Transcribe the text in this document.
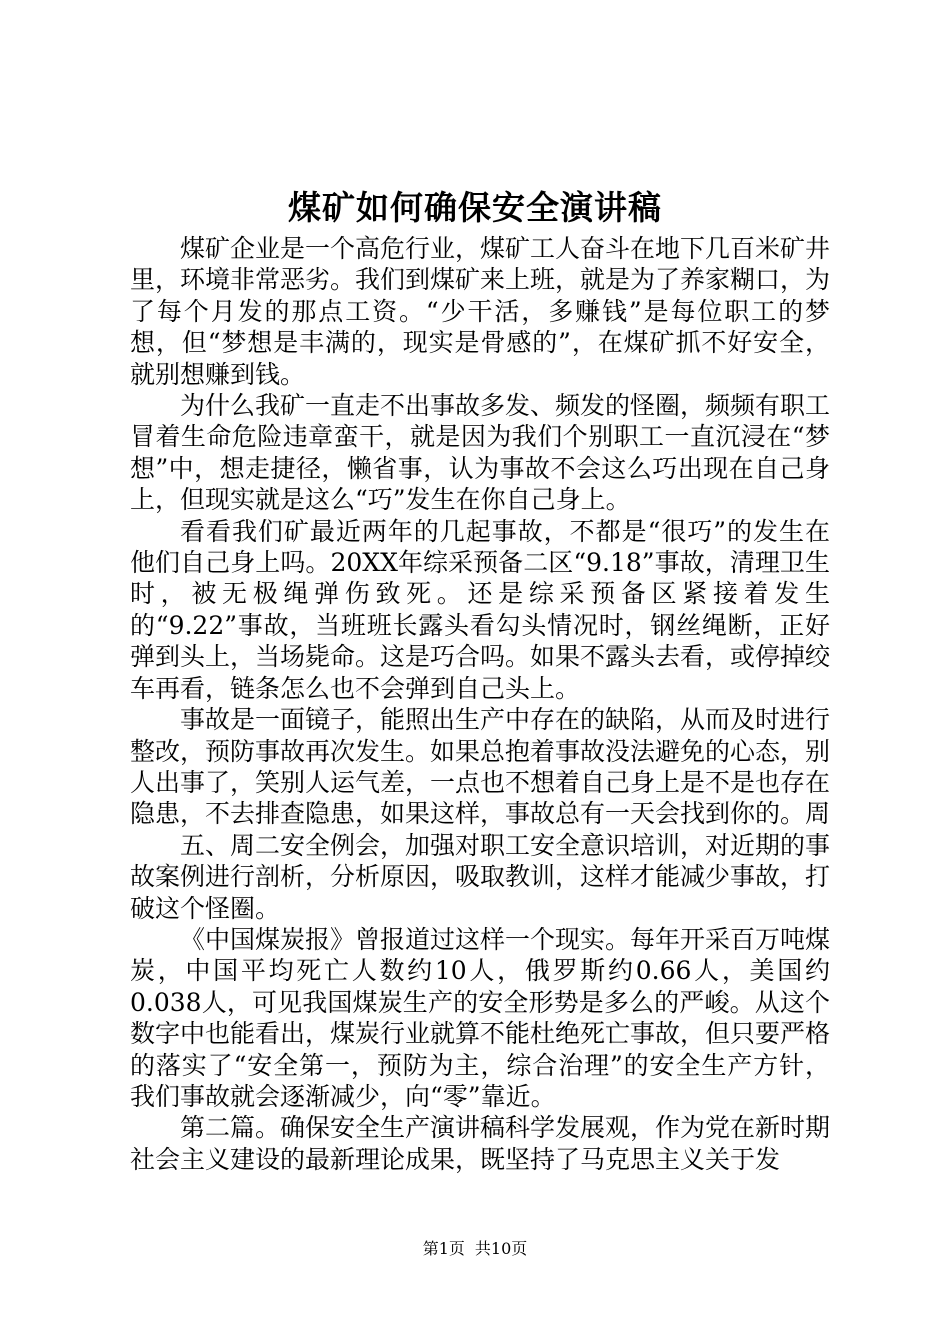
煤矿如何确保安全演讲稿

煤矿企业是一个高危行业，煤矿工人奋斗在地下几百米矿井里，环境非常恶劣。我们到煤矿来上班，就是为了养家糊口，为了每个月发的那点工资。“少干活，多赚钱”是每位职工的梦想，但“梦想是丰满的，现实是骨感的”，在煤矿抓不好安全，就别想赚到钱。

为什么我矿一直走不出事故多发、频发的怪圈，频频有职工冒着生命危险违章蛮干，就是因为我们个别职工一直沉浸在“梦想”中，想走捷径，懒省事，认为事故不会这么巧出现在自己身上，但现实就是这么“巧”发生在你自己身上。

看看我们矿最近两年的几起事故，不都是“很巧”的发生在他们自己身上吗。20XX年综采预备二区“9.18”事故，清理卫生时，被无极绳弹伤致死。还是综采预备区紧接着发生的“9.22”事故，当班班长露头看勾头情况时，钢丝绳断，正好弹到头上，当场毙命。这是巧合吗。如果不露头去看，或停掉绞车再看，链条怎么也不会弹到自己头上。

事故是一面镜子，能照出生产中存在的缺陷，从而及时进行整改，预防事故再次发生。如果总抱着事故没法避免的心态，别人出事了，笑别人运气差，一点也不想着自己身上是不是也存在隐患，不去排查隐患，如果这样，事故总有一天会找到你的。周

五、周二安全例会，加强对职工安全意识培训，对近期的事故案例进行剖析，分析原因，吸取教训，这样才能减少事故，打破这个怪圈。

《中国煤炭报》曾报道过这样一个现实。每年开采百万吨煤炭，中国平均死亡人数约10人，俄罗斯约0.66人，美国约0.038人，可见我国煤炭生产的安全形势是多么的严峻。从这个数字中也能看出，煤炭行业就算不能杜绝死亡事故，但只要严格的落实了“安全第一，预防为主，综合治理”的安全生产方针，我们事故就会逐渐减少，向“零”靠近。

第二篇。确保安全生产演讲稿科学发展观，作为党在新时期社会主义建设的最新理论成果，既坚持了马克思主义关于发

第1页 共10页
